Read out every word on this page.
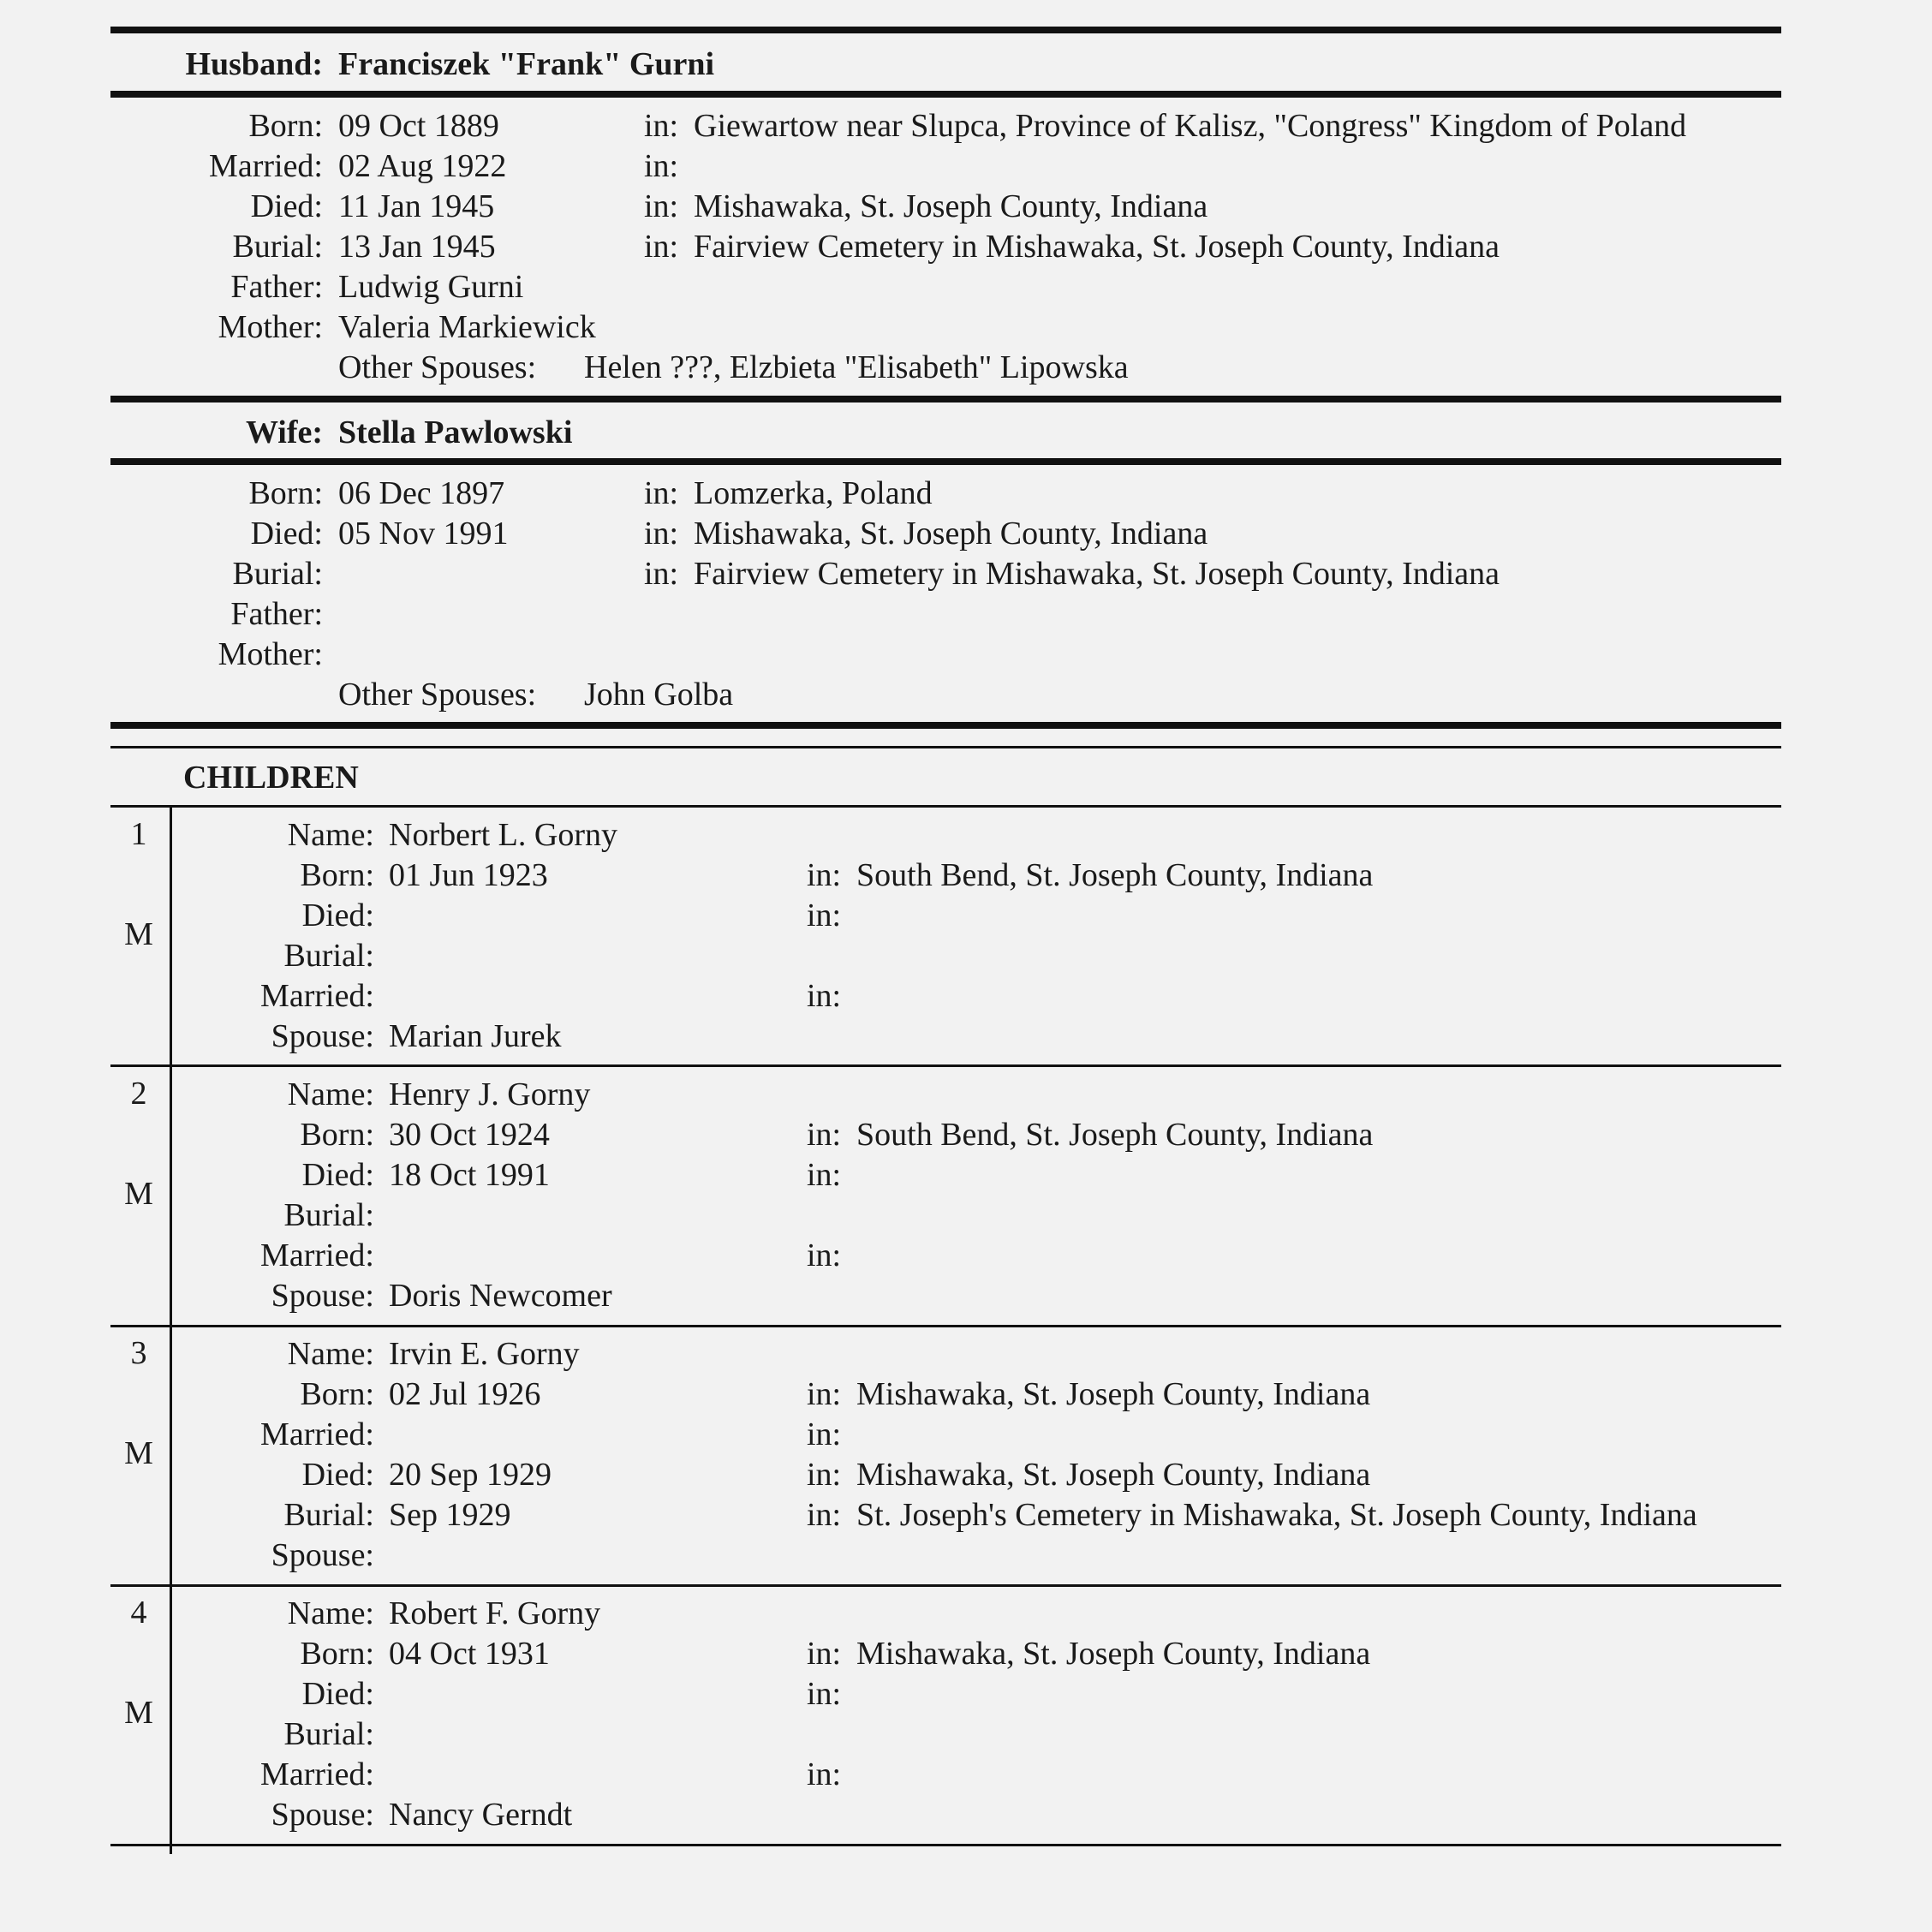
Husband: Franciszek "Frank" Gurni
Born: 09 Oct 1889	in: Giewartow near Slupca, Province of Kalisz, "Congress" Kingdom of Poland
Married: 02 Aug 1922	in:
Died: 11 Jan 1945	in: Mishawaka, St. Joseph County, Indiana
Burial: 13 Jan 1945	in: Fairview Cemetery in Mishawaka, St. Joseph County, Indiana
Father: Ludwig Gurni
Mother: Valeria Markiewick
Other Spouses: Helen ???, Elzbieta "Elisabeth" Lipowska
Wife: Stella Pawlowski
Born: 06 Dec 1897	in: Lomzerka, Poland
Died: 05 Nov 1991	in: Mishawaka, St. Joseph County, Indiana
Burial:	in: Fairview Cemetery in Mishawaka, St. Joseph County, Indiana
Father:
Mother:
Other Spouses: John Golba
CHILDREN
1
M
Name: Norbert L. Gorny
Born: 01 Jun 1923	in: South Bend, St. Joseph County, Indiana
Died:	in:
Burial:
Married:	in:
Spouse: Marian Jurek
2
M
Name: Henry J. Gorny
Born: 30 Oct 1924	in: South Bend, St. Joseph County, Indiana
Died: 18 Oct 1991	in:
Burial:
Married:	in:
Spouse: Doris Newcomer
3
M
Name: Irvin E. Gorny
Born: 02 Jul 1926	in: Mishawaka, St. Joseph County, Indiana
Married:	in:
Died: 20 Sep 1929	in: Mishawaka, St. Joseph County, Indiana
Burial: Sep 1929	in: St. Joseph's Cemetery in Mishawaka, St. Joseph County, Indiana
Spouse:
4
M
Name: Robert F. Gorny
Born: 04 Oct 1931	in: Mishawaka, St. Joseph County, Indiana
Died:	in:
Burial:
Married:	in:
Spouse: Nancy Gerndt
